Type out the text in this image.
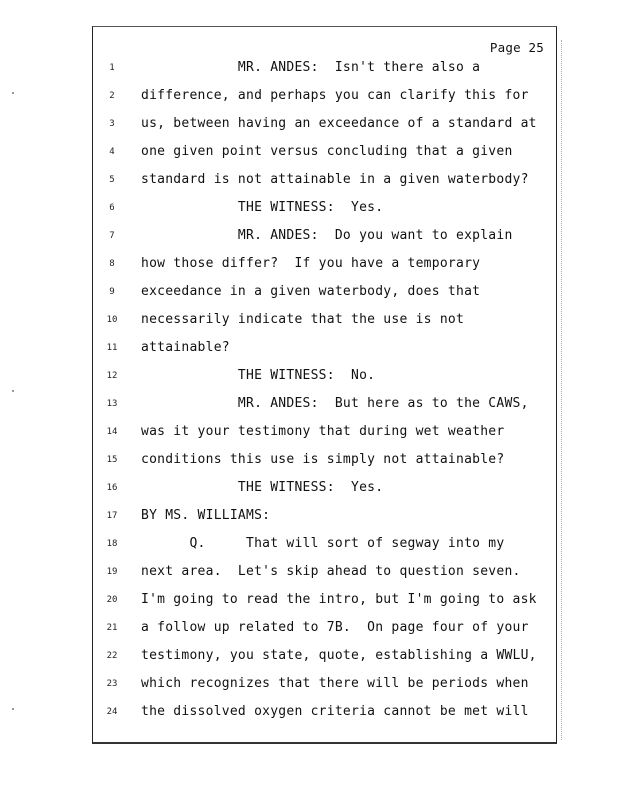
Page 25
1	MR. ANDES:  Isn't there also a
2	difference, and perhaps you can clarify this for
3	us, between having an exceedance of a standard at
4	one given point versus concluding that a given
5	standard is not attainable in a given waterbody?
6	THE WITNESS:  Yes.
7	MR. ANDES:  Do you want to explain
8	how those differ?  If you have a temporary
9	exceedance in a given waterbody, does that
10	necessarily indicate that the use is not
11	attainable?
12	THE WITNESS:  No.
13	MR. ANDES:  But here as to the CAWS,
14	was it your testimony that during wet weather
15	conditions this use is simply not attainable?
16	THE WITNESS:  Yes.
17	BY MS. WILLIAMS:
18	Q.     That will sort of segway into my
19	next area.  Let's skip ahead to question seven.
20	I'm going to read the intro, but I'm going to ask
21	a follow up related to 7B.  On page four of your
22	testimony, you state, quote, establishing a WWLU,
23	which recognizes that there will be periods when
24	the dissolved oxygen criteria cannot be met will
